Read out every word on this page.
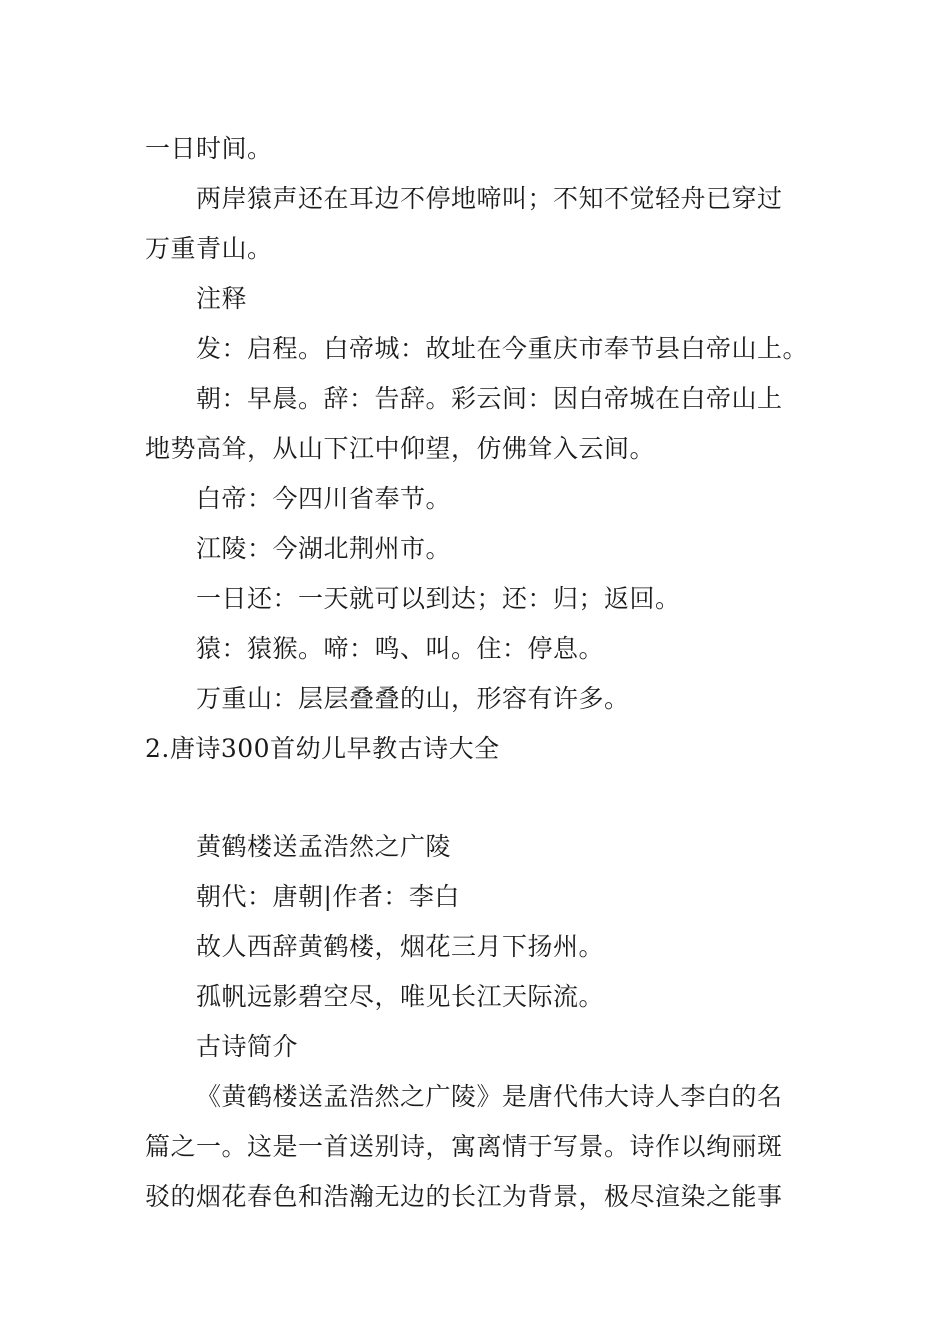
一日时间。
两岸猿声还在耳边不停地啼叫；不知不觉轻舟已穿过
万重青山。
注释
发：启程。白帝城：故址在今重庆市奉节县白帝山上。
朝：早晨。辞：告辞。彩云间：因白帝城在白帝山上
地势高耸，从山下江中仰望，仿佛耸入云间。
白帝：今四川省奉节。
江陵：今湖北荆州市。
一日还：一天就可以到达；还：归；返回。
猿：猿猴。啼：鸣、叫。住：停息。
万重山：层层叠叠的山，形容有许多。
2.唐诗300首幼儿早教古诗大全
黄鹤楼送孟浩然之广陵
朝代：唐朝|作者：李白
故人西辞黄鹤楼，烟花三月下扬州。
孤帆远影碧空尽，唯见长江天际流。
古诗简介
《黄鹤楼送孟浩然之广陵》是唐代伟大诗人李白的名
篇之一。这是一首送别诗，寓离情于写景。诗作以绚丽斑
驳的烟花春色和浩瀚无边的长江为背景，极尽渲染之能事
